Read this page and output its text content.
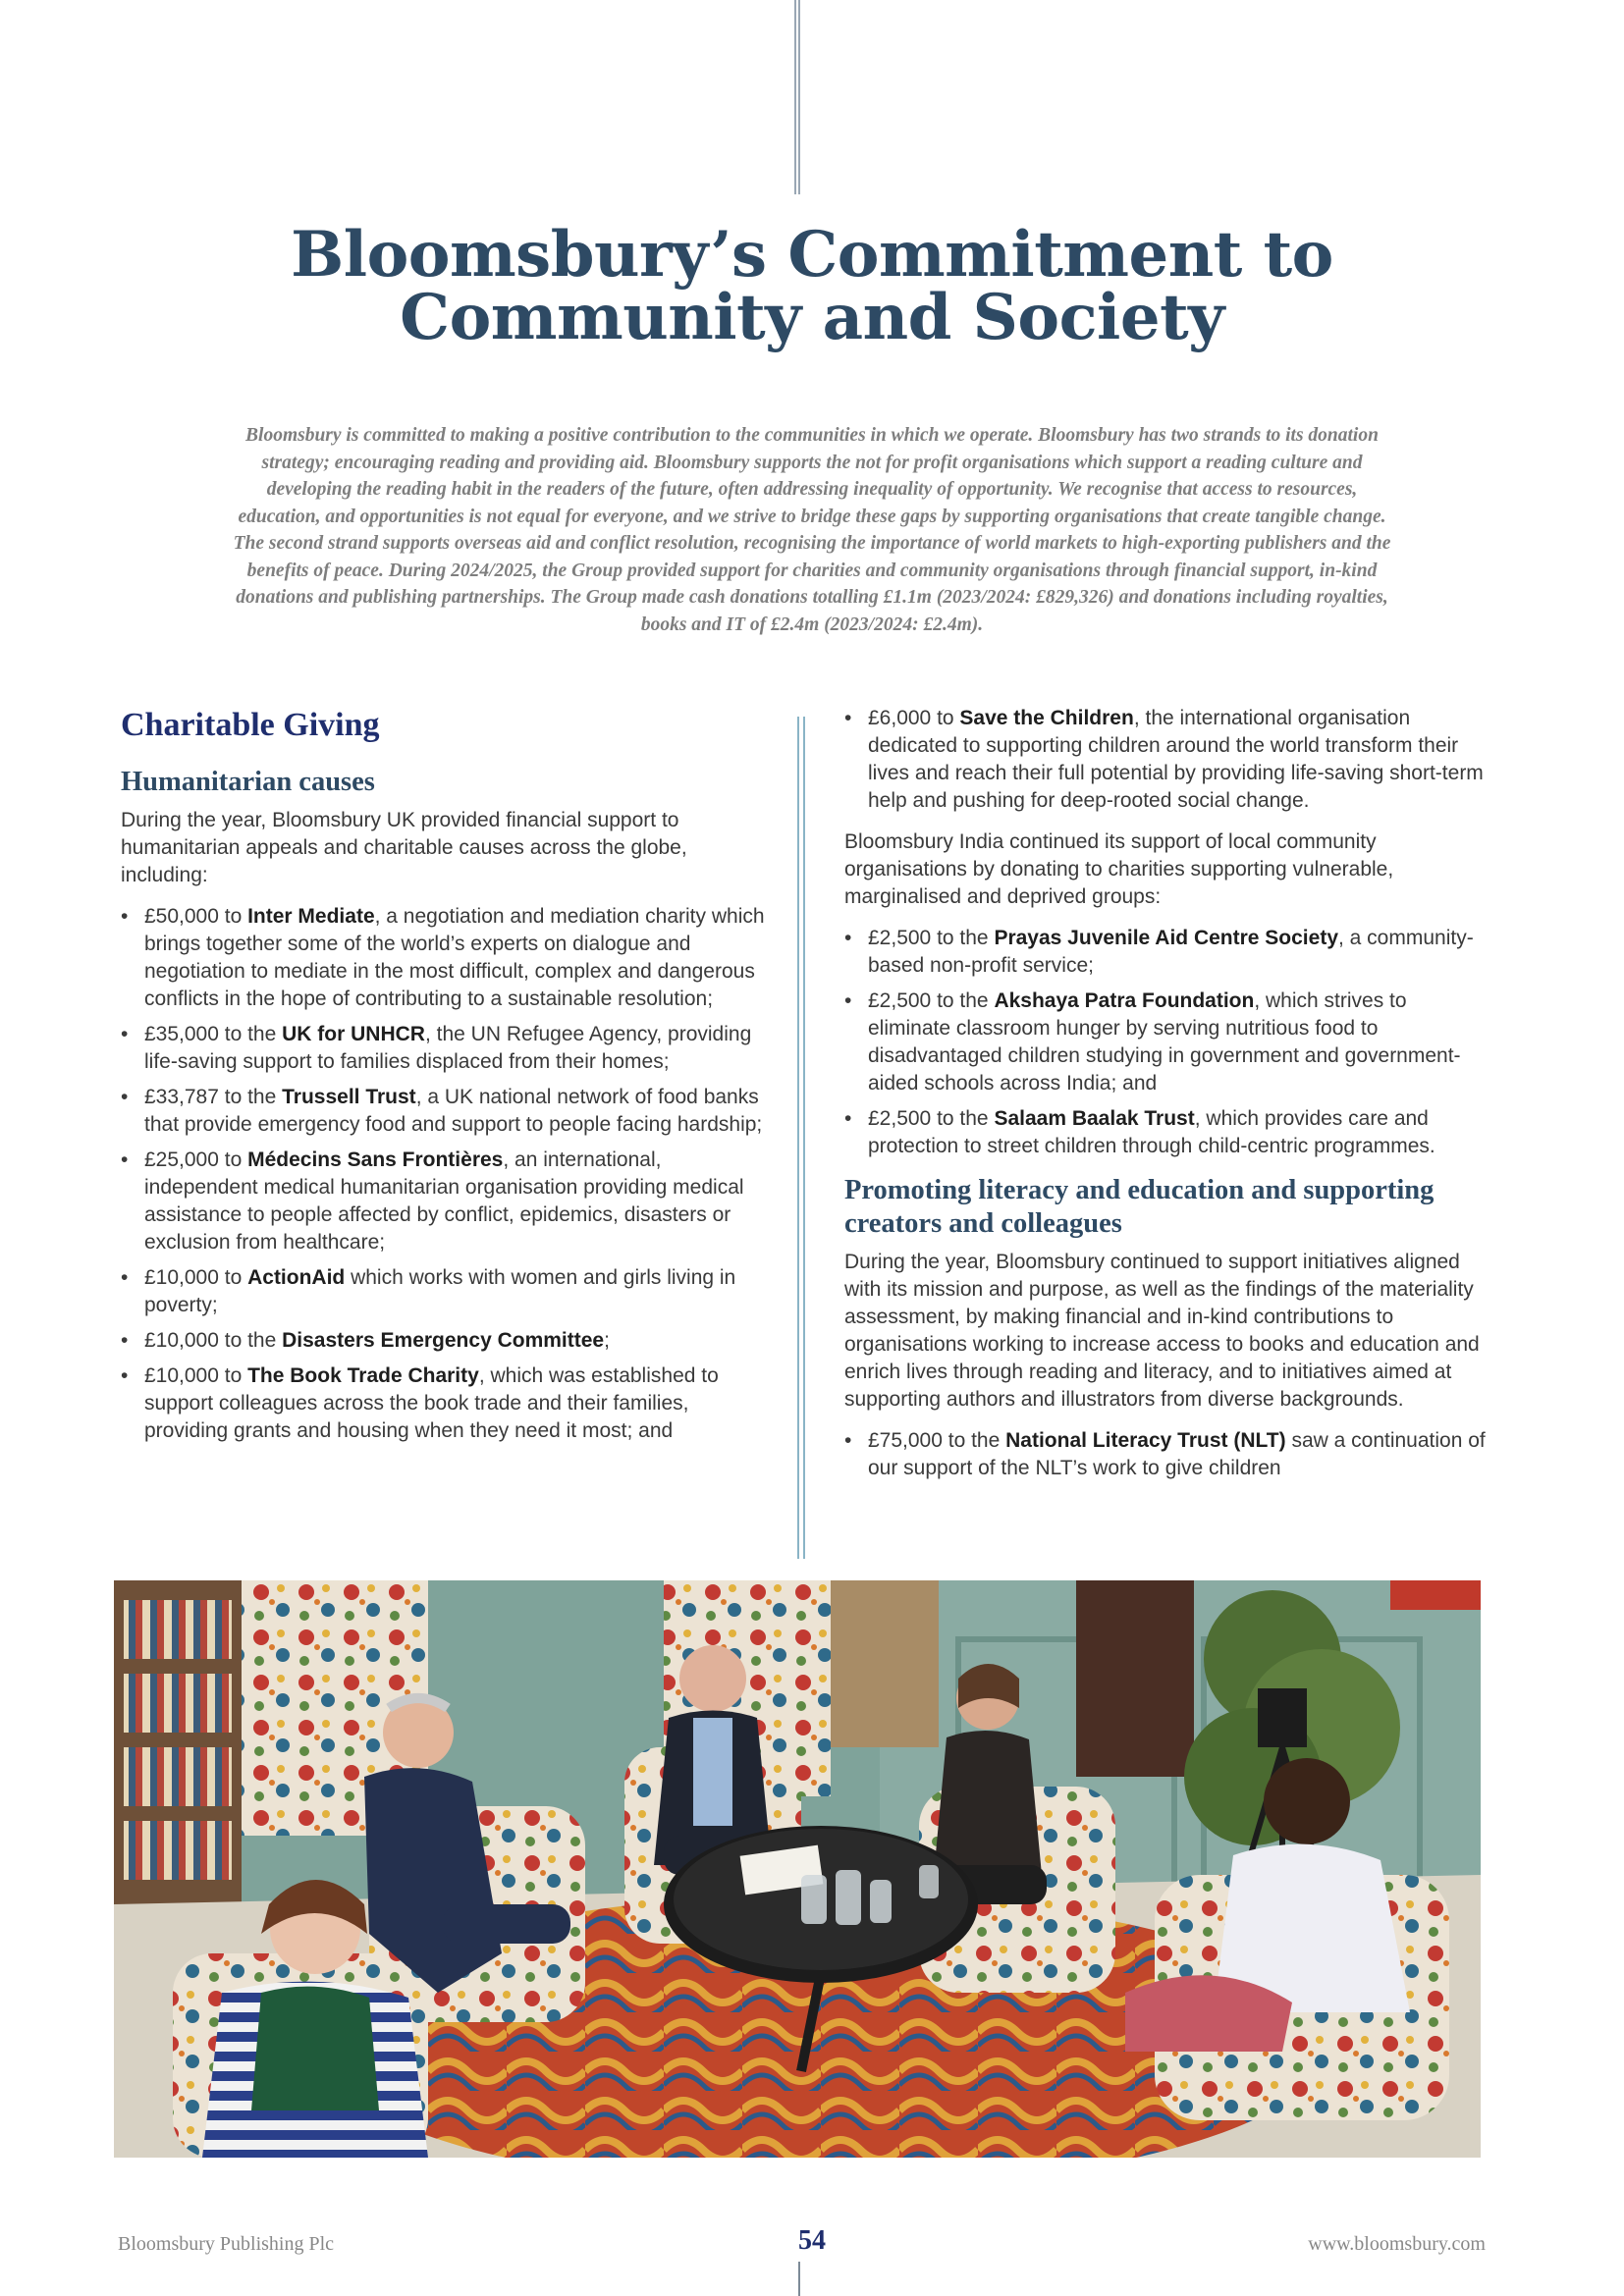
Bloomsbury’s Commitment to Community and Society

Bloomsbury is committed to making a positive contribution to the communities in which we operate. Bloomsbury has two strands to its donation strategy; encouraging reading and providing aid. Bloomsbury supports the not for profit organisations which support a reading culture and developing the reading habit in the readers of the future, often addressing inequality of opportunity. We recognise that access to resources, education, and opportunities is not equal for everyone, and we strive to bridge these gaps by supporting organisations that create tangible change. The second strand supports overseas aid and conflict resolution, recognising the importance of world markets to high-exporting publishers and the benefits of peace. During 2024/2025, the Group provided support for charities and community organisations through financial support, in-kind donations and publishing partnerships. The Group made cash donations totalling £1.1m (2023/2024: £829,326) and donations including royalties, books and IT of £2.4m (2023/2024: £2.4m).

Charitable Giving
Humanitarian causes

During the year, Bloomsbury UK provided financial support to humanitarian appeals and charitable causes across the globe, including:

• £50,000 to Inter Mediate, a negotiation and mediation charity which brings together some of the world’s experts on dialogue and negotiation to mediate in the most difficult, complex and dangerous conflicts in the hope of contributing to a sustainable resolution;
• £35,000 to the UK for UNHCR, the UN Refugee Agency, providing life-saving support to families displaced from their homes;
• £33,787 to the Trussell Trust, a UK national network of food banks that provide emergency food and support to people facing hardship;
• £25,000 to Médecins Sans Frontières, an international, independent medical humanitarian organisation providing medical assistance to people affected by conflict, epidemics, disasters or exclusion from healthcare;
• £10,000 to ActionAid which works with women and girls living in poverty;
• £10,000 to the Disasters Emergency Committee;
• £10,000 to The Book Trade Charity, which was established to support colleagues across the book trade and their families, providing grants and housing when they need it most; and
• £6,000 to Save the Children, the international organisation dedicated to supporting children around the world transform their lives and reach their full potential by providing life-saving short-term help and pushing for deep-rooted social change.

Bloomsbury India continued its support of local community organisations by donating to charities supporting vulnerable, marginalised and deprived groups:

• £2,500 to the Prayas Juvenile Aid Centre Society, a community-based non-profit service;
• £2,500 to the Akshaya Patra Foundation, which strives to eliminate classroom hunger by serving nutritious food to disadvantaged children studying in government and government-aided schools across India; and
• £2,500 to the Salaam Baalak Trust, which provides care and protection to street children through child-centric programmes.
Promoting literacy and education and supporting creators and colleagues

During the year, Bloomsbury continued to support initiatives aligned with its mission and purpose, as well as the findings of the materiality assessment, by making financial and in-kind contributions to organisations working to increase access to books and education and enrich lives through reading and literacy, and to initiatives aimed at supporting authors and illustrators from diverse backgrounds.

• £75,000 to the National Literacy Trust (NLT) saw a continuation of our support of the NLT’s work to give children
Bloomsbury Publishing Plc	54	www.bloomsbury.com
